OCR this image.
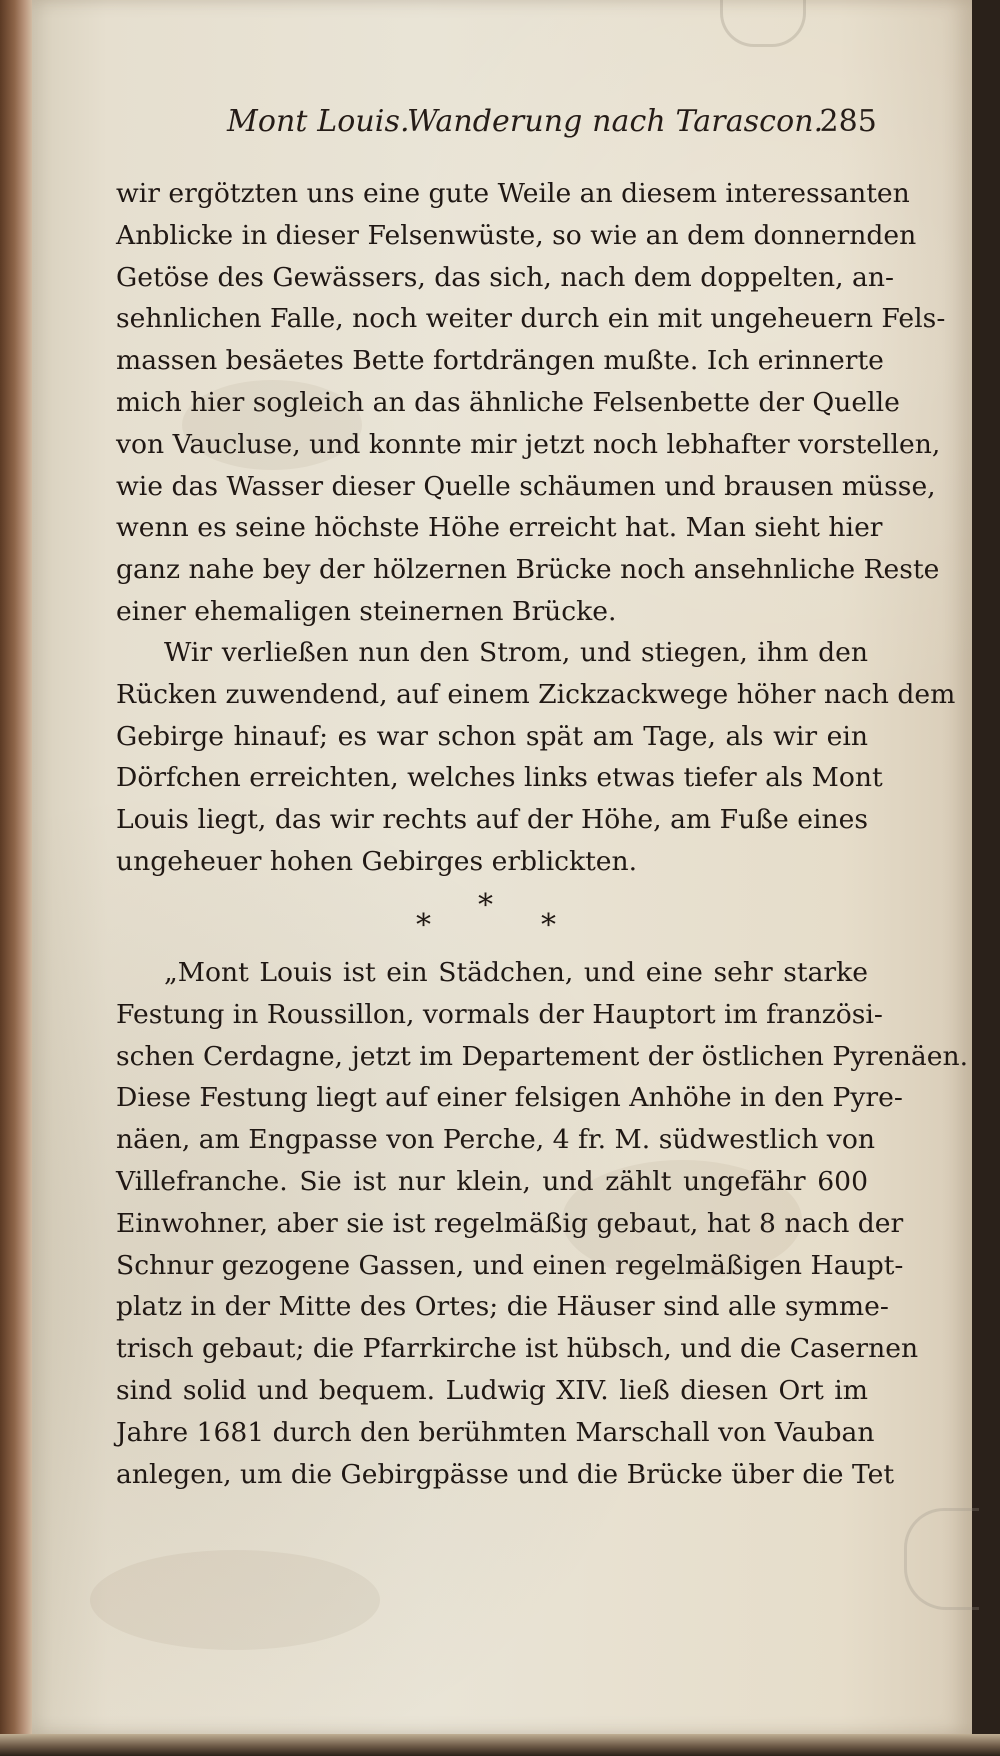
Mont Louis.
Wanderung nach Tarascon.
285
wir ergötzten uns eine gute Weile an diesem interessanten
Anblicke in dieser Felsenwüste, so wie an dem donnernden
Getöse des Gewässers, das sich, nach dem doppelten, an-
sehnlichen Falle, noch weiter durch ein mit ungeheuern Fels-
massen besäetes Bette fortdrängen mußte. Ich erinnerte
mich hier sogleich an das ähnliche Felsenbette der Quelle
von Vaucluse, und konnte mir jetzt noch lebhafter vorstellen,
wie das Wasser dieser Quelle schäumen und brausen müsse,
wenn es seine höchste Höhe erreicht hat. Man sieht hier
ganz nahe bey der hölzernen Brücke noch ansehnliche Reste
einer ehemaligen steinernen Brücke.
Wir verließen nun den Strom, und stiegen, ihm den
Rücken zuwendend, auf einem Zickzackwege höher nach dem
Gebirge hinauf; es war schon spät am Tage, als wir ein
Dörfchen erreichten, welches links etwas tiefer als Mont
Louis liegt, das wir rechts auf der Höhe, am Fuße eines
ungeheuer hohen Gebirges erblickten.
*
*
*
„Mont Louis ist ein Städchen, und eine sehr starke
Festung in Roussillon, vormals der Hauptort im französi-
schen Cerdagne, jetzt im Departement der östlichen Pyrenäen.
Diese Festung liegt auf einer felsigen Anhöhe in den Pyre-
näen, am Engpasse von Perche, 4 fr. M. südwestlich von
Villefranche. Sie ist nur klein, und zählt ungefähr 600
Einwohner, aber sie ist regelmäßig gebaut, hat 8 nach der
Schnur gezogene Gassen, und einen regelmäßigen Haupt-
platz in der Mitte des Ortes; die Häuser sind alle symme-
trisch gebaut; die Pfarrkirche ist hübsch, und die Casernen
sind solid und bequem. Ludwig XIV. ließ diesen Ort im
Jahre 1681 durch den berühmten Marschall von Vauban
anlegen, um die Gebirgpässe und die Brücke über die Tet
